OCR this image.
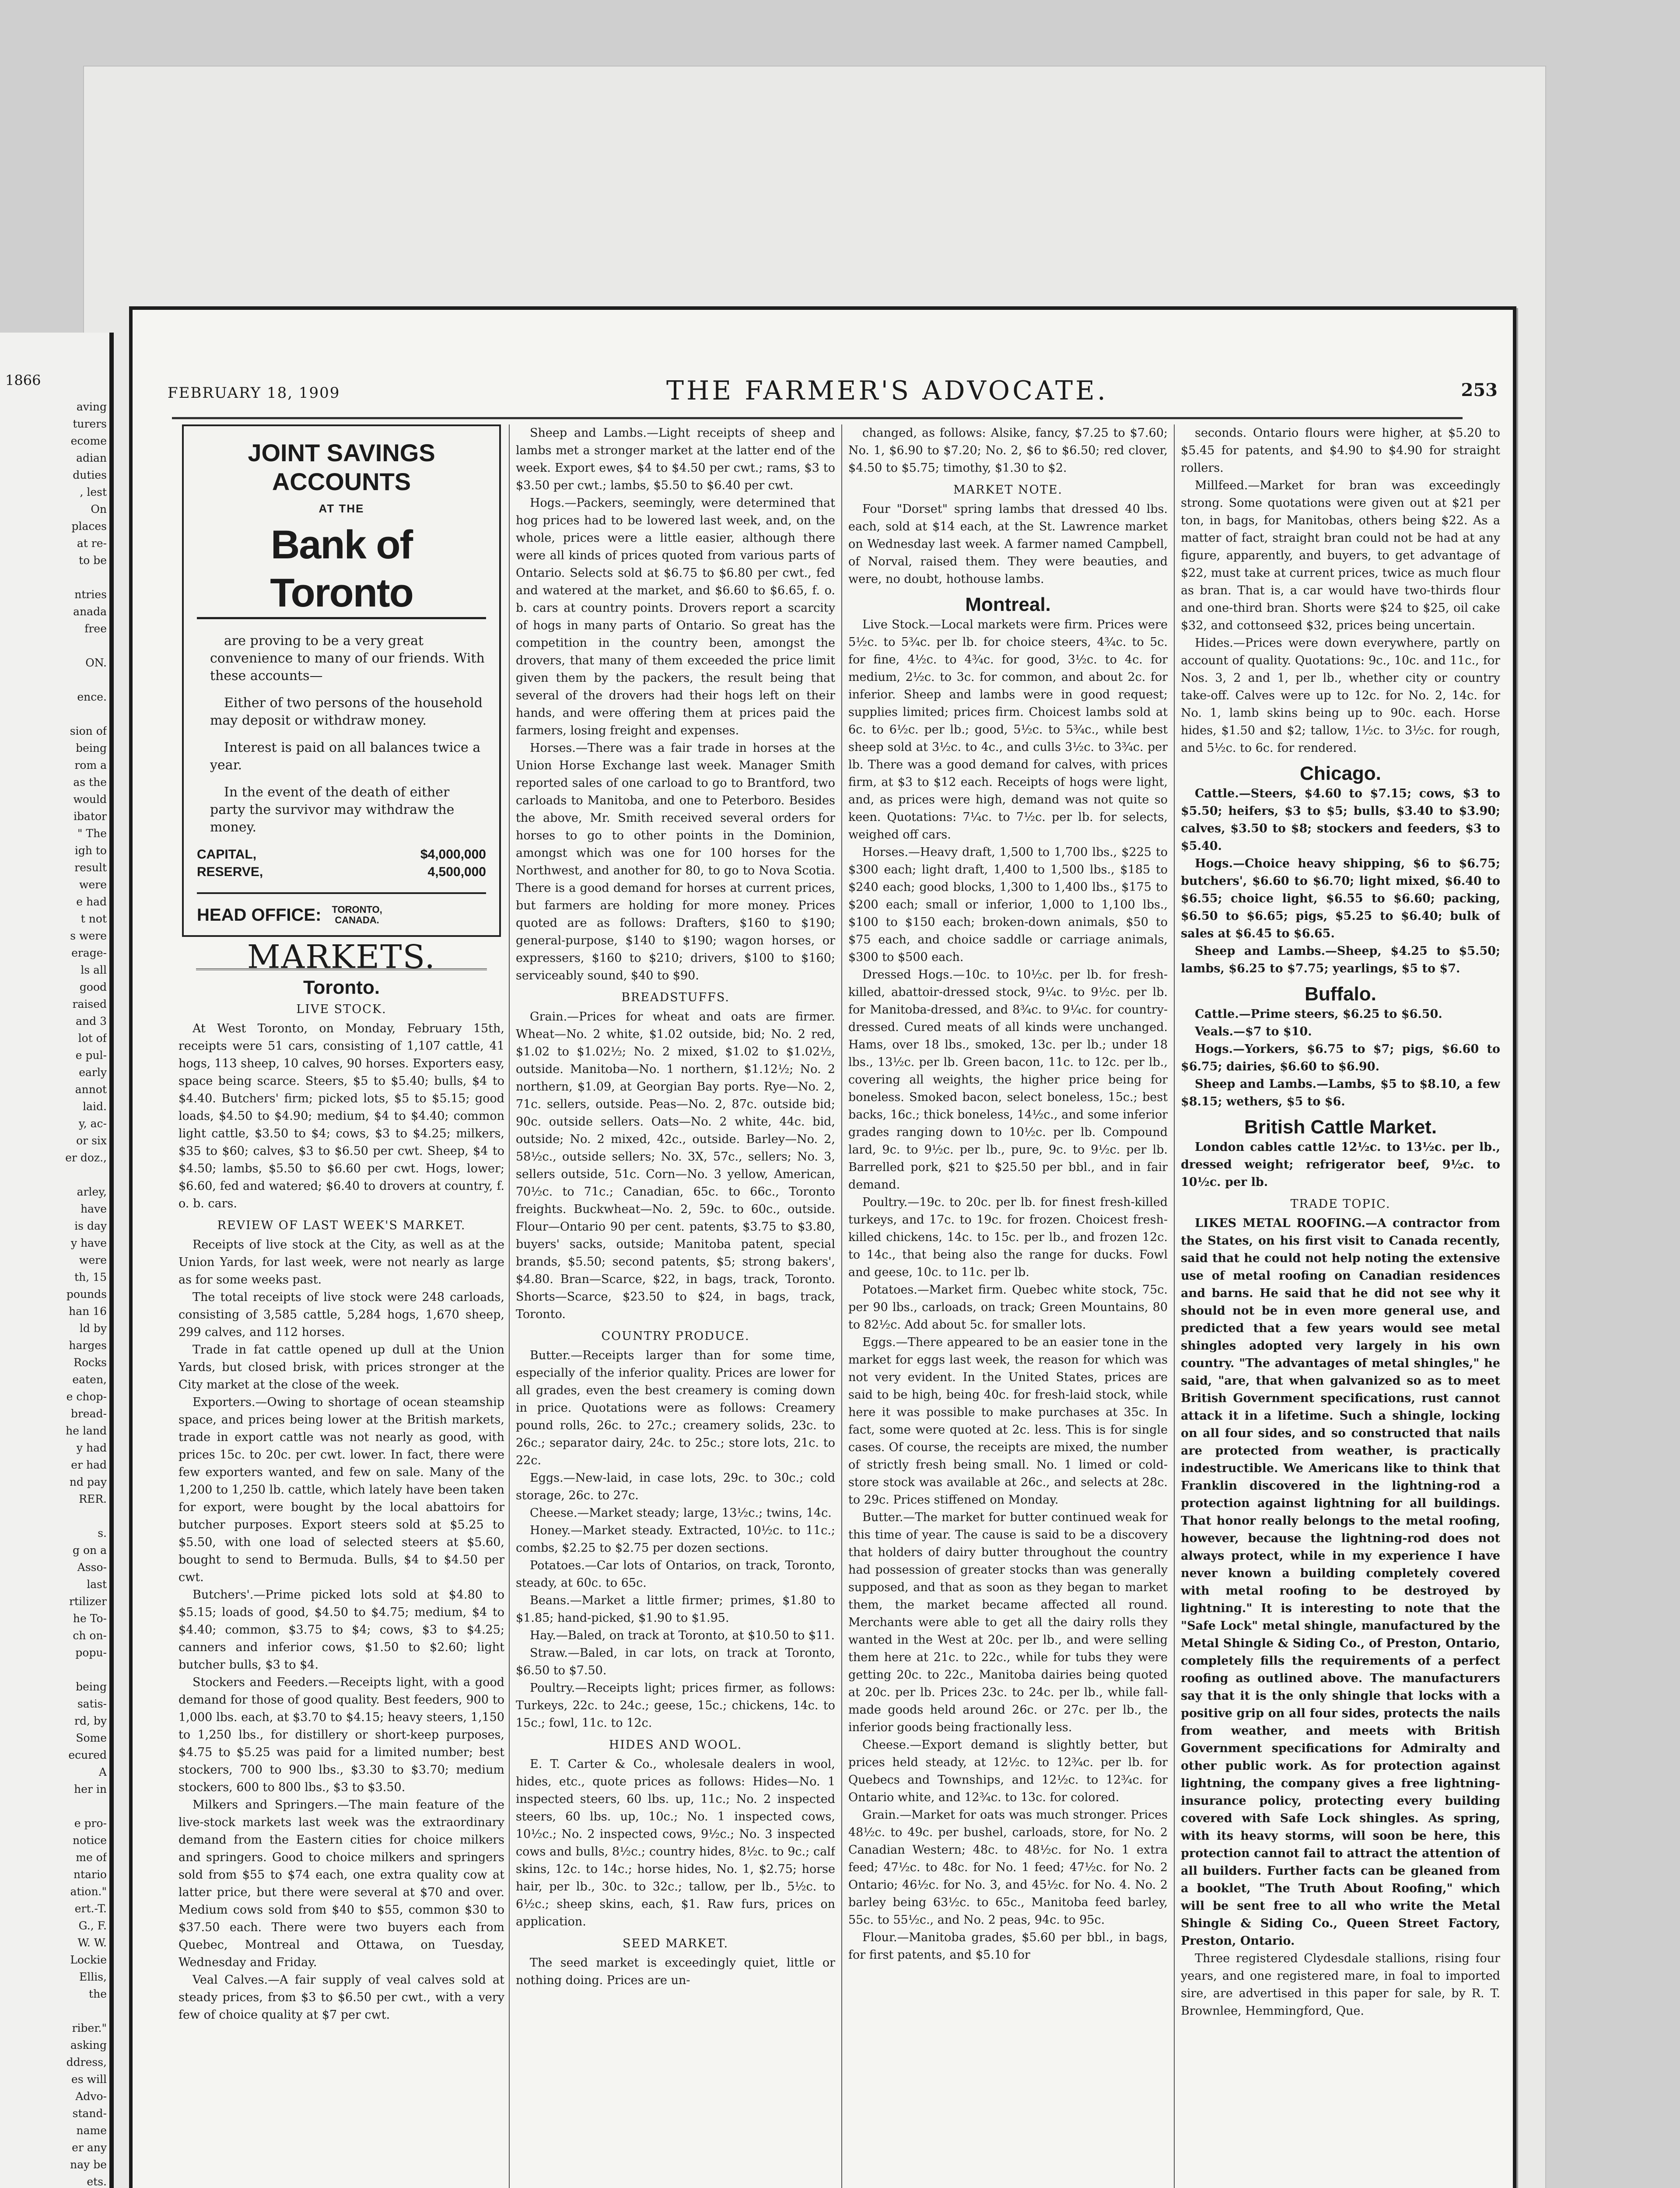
1866
aving
turers
ecome
adian
duties
, lest
On
places
at re-
to be

ntries
anada
free

ON.

ence.

sion of
being
rom a
as the
would
ibator
" The
igh to
result
were
e had
t not
s were
erage-
ls all
good
raised
and 3
lot of
e pul-
early
annot
laid.
y, ac-
or six
er doz.,

arley,
have
is day
y have
were
th, 15
pounds
han 16
ld by
harges
Rocks
eaten,
e chop-
bread-
he land
y had
er had
nd pay
RER.

s.
g on a
Asso-
last
rtilizer
he To-
ch on-
popu-

being
satis-
rd, by
Some
ecured
A
her in

e pro-
notice
me of
ntario
ation."
ert.-T.
G., F.
W. W.
Lockie
Ellis,
the

riber."
asking
ddress,
es will
Advo-
stand-
name
er any
nay be
ets.
FEBRUARY 18, 1909	THE FARMER'S ADVOCATE.	253
JOINT SAVINGS ACCOUNTS
AT THE
Bank of Toronto

are proving to be a very great convenience to many of our friends. With these accounts—

Either of two persons of the household may deposit or withdraw money.

Interest is paid on all balances twice a year.

In the event of the death of either party the survivor may withdraw the money.

CAPITAL,	$4,000,000
RESERVE,	4,500,000
HEAD OFFICE: TORONTO,
CANADA.
MARKETS.

Toronto.

LIVE STOCK.

At West Toronto, on Monday, February 15th, receipts were 51 cars, consisting of 1,107 cattle, 41 hogs, 113 sheep, 10 calves, 90 horses. Exporters easy, space being scarce. Steers, $5 to $5.40; bulls, $4 to $4.40. Butchers' firm; picked lots, $5 to $5.15; good loads, $4.50 to $4.90; medium, $4 to $4.40; common light cattle, $3.50 to $4; cows, $3 to $4.25; milkers, $35 to $60; calves, $3 to $6.50 per cwt. Sheep, $4 to $4.50; lambs, $5.50 to $6.60 per cwt. Hogs, lower; $6.60, fed and watered; $6.40 to drovers at country, f. o. b. cars.

REVIEW OF LAST WEEK'S MARKET.

Receipts of live stock at the City, as well as at the Union Yards, for last week, were not nearly as large as for some weeks past.

The total receipts of live stock were 248 carloads, consisting of 3,585 cattle, 5,284 hogs, 1,670 sheep, 299 calves, and 112 horses.

Trade in fat cattle opened up dull at the Union Yards, but closed brisk, with prices stronger at the City market at the close of the week.

Exporters.—Owing to shortage of ocean steamship space, and prices being lower at the British markets, trade in export cattle was not nearly as good, with prices 15c. to 20c. per cwt. lower. In fact, there were few exporters wanted, and few on sale. Many of the 1,200 to 1,250 lb. cattle, which lately have been taken for export, were bought by the local abattoirs for butcher purposes. Export steers sold at $5.25 to $5.50, with one load of selected steers at $5.60, bought to send to Bermuda. Bulls, $4 to $4.50 per cwt.

Butchers'.—Prime picked lots sold at $4.80 to $5.15; loads of good, $4.50 to $4.75; medium, $4 to $4.40; common, $3.75 to $4; cows, $3 to $4.25; canners and inferior cows, $1.50 to $2.60; light butcher bulls, $3 to $4.

Stockers and Feeders.—Receipts light, with a good demand for those of good quality. Best feeders, 900 to 1,000 lbs. each, at $3.70 to $4.15; heavy steers, 1,150 to 1,250 lbs., for distillery or short-keep purposes, $4.75 to $5.25 was paid for a limited number; best stockers, 700 to 900 lbs., $3.30 to $3.70; medium stockers, 600 to 800 lbs., $3 to $3.50.

Milkers and Springers.—The main feature of the live-stock markets last week was the extraordinary demand from the Eastern cities for choice milkers and springers. Good to choice milkers and springers sold from $55 to $74 each, one extra quality cow at latter price, but there were several at $70 and over. Medium cows sold from $40 to $55, common $30 to $37.50 each. There were two buyers each from Quebec, Montreal and Ottawa, on Tuesday, Wednesday and Friday.

Veal Calves.—A fair supply of veal calves sold at steady prices, from $3 to $6.50 per cwt., with a very few of choice quality at $7 per cwt.

Sheep and Lambs.—Light receipts of sheep and lambs met a stronger market at the latter end of the week. Export ewes, $4 to $4.50 per cwt.; rams, $3 to $3.50 per cwt.; lambs, $5.50 to $6.40 per cwt.

Hogs.—Packers, seemingly, were determined that hog prices had to be lowered last week, and, on the whole, prices were a little easier, although there were all kinds of prices quoted from various parts of Ontario. Selects sold at $6.75 to $6.80 per cwt., fed and watered at the market, and $6.60 to $6.65, f. o. b. cars at country points. Drovers report a scarcity of hogs in many parts of Ontario. So great has the competition in the country been, amongst the drovers, that many of them exceeded the price limit given them by the packers, the result being that several of the drovers had their hogs left on their hands, and were offering them at prices paid the farmers, losing freight and expenses.

Horses.—There was a fair trade in horses at the Union Horse Exchange last week. Manager Smith reported sales of one carload to go to Brantford, two carloads to Manitoba, and one to Peterboro. Besides the above, Mr. Smith received several orders for horses to go to other points in the Dominion, amongst which was one for 100 horses for the Northwest, and another for 80, to go to Nova Scotia. There is a good demand for horses at current prices, but farmers are holding for more money. Prices quoted are as follows: Drafters, $160 to $190; general-purpose, $140 to $190; wagon horses, or expressers, $160 to $210; drivers, $100 to $160; serviceably sound, $40 to $90.

BREADSTUFFS.

Grain.—Prices for wheat and oats are firmer. Wheat—No. 2 white, $1.02 outside, bid; No. 2 red, $1.02 to $1.02½; No. 2 mixed, $1.02 to $1.02½, outside. Manitoba—No. 1 northern, $1.12½; No. 2 northern, $1.09, at Georgian Bay ports. Rye—No. 2, 71c. sellers, outside. Peas—No. 2, 87c. outside bid; 90c. outside sellers. Oats—No. 2 white, 44c. bid, outside; No. 2 mixed, 42c., outside. Barley—No. 2, 58½c., outside sellers; No. 3X, 57c., sellers; No. 3, sellers outside, 51c. Corn—No. 3 yellow, American, 70½c. to 71c.; Canadian, 65c. to 66c., Toronto freights. Buckwheat—No. 2, 59c. to 60c., outside. Flour—Ontario 90 per cent. patents, $3.75 to $3.80, buyers' sacks, outside; Manitoba patent, special brands, $5.50; second patents, $5; strong bakers', $4.80. Bran—Scarce, $22, in bags, track, Toronto. Shorts—Scarce, $23.50 to $24, in bags, track, Toronto.

COUNTRY PRODUCE.

Butter.—Receipts larger than for some time, especially of the inferior quality. Prices are lower for all grades, even the best creamery is coming down in price. Quotations were as follows: Creamery pound rolls, 26c. to 27c.; creamery solids, 23c. to 26c.; separator dairy, 24c. to 25c.; store lots, 21c. to 22c.

Eggs.—New-laid, in case lots, 29c. to 30c.; cold storage, 26c. to 27c.

Cheese.—Market steady; large, 13½c.; twins, 14c.

Honey.—Market steady. Extracted, 10½c. to 11c.; combs, $2.25 to $2.75 per dozen sections.

Potatoes.—Car lots of Ontarios, on track, Toronto, steady, at 60c. to 65c.

Beans.—Market a little firmer; primes, $1.80 to $1.85; hand-picked, $1.90 to $1.95.

Hay.—Baled, on track at Toronto, at $10.50 to $11.

Straw.—Baled, in car lots, on track at Toronto, $6.50 to $7.50.

Poultry.—Receipts light; prices firmer, as follows: Turkeys, 22c. to 24c.; geese, 15c.; chickens, 14c. to 15c.; fowl, 11c. to 12c.

HIDES AND WOOL.

E. T. Carter & Co., wholesale dealers in wool, hides, etc., quote prices as follows: Hides—No. 1 inspected steers, 60 lbs. up, 11c.; No. 2 inspected steers, 60 lbs. up, 10c.; No. 1 inspected cows, 10½c.; No. 2 inspected cows, 9½c.; No. 3 inspected cows and bulls, 8½c.; country hides, 8½c. to 9c.; calf skins, 12c. to 14c.; horse hides, No. 1, $2.75; horse hair, per lb., 30c. to 32c.; tallow, per lb., 5½c. to 6½c.; sheep skins, each, $1. Raw furs, prices on application.

SEED MARKET.

The seed market is exceedingly quiet, little or nothing doing. Prices are un-

changed, as follows: Alsike, fancy, $7.25 to $7.60; No. 1, $6.90 to $7.20; No. 2, $6 to $6.50; red clover, $4.50 to $5.75; timothy, $1.30 to $2.

MARKET NOTE.

Four "Dorset" spring lambs that dressed 40 lbs. each, sold at $14 each, at the St. Lawrence market on Wednesday last week. A farmer named Campbell, of Norval, raised them. They were beauties, and were, no doubt, hothouse lambs.

Montreal.

Live Stock.—Local markets were firm. Prices were 5½c. to 5¾c. per lb. for choice steers, 4¾c. to 5c. for fine, 4½c. to 4¾c. for good, 3½c. to 4c. for medium, 2½c. to 3c. for common, and about 2c. for inferior. Sheep and lambs were in good request; supplies limited; prices firm. Choicest lambs sold at 6c. to 6½c. per lb.; good, 5½c. to 5¾c., while best sheep sold at 3½c. to 4c., and culls 3½c. to 3¾c. per lb. There was a good demand for calves, with prices firm, at $3 to $12 each. Receipts of hogs were light, and, as prices were high, demand was not quite so keen. Quotations: 7¼c. to 7½c. per lb. for selects, weighed off cars.

Horses.—Heavy draft, 1,500 to 1,700 lbs., $225 to $300 each; light draft, 1,400 to 1,500 lbs., $185 to $240 each; good blocks, 1,300 to 1,400 lbs., $175 to $200 each; small or inferior, 1,000 to 1,100 lbs., $100 to $150 each; broken-down animals, $50 to $75 each, and choice saddle or carriage animals, $300 to $500 each.

Dressed Hogs.—10c. to 10½c. per lb. for fresh-killed, abattoir-dressed stock, 9¼c. to 9½c. per lb. for Manitoba-dressed, and 8¾c. to 9¼c. for country-dressed. Cured meats of all kinds were unchanged. Hams, over 18 lbs., smoked, 13c. per lb.; under 18 lbs., 13½c. per lb. Green bacon, 11c. to 12c. per lb., covering all weights, the higher price being for boneless. Smoked bacon, select boneless, 15c.; best backs, 16c.; thick boneless, 14½c., and some inferior grades ranging down to 10½c. per lb. Compound lard, 9c. to 9½c. per lb., pure, 9c. to 9½c. per lb. Barrelled pork, $21 to $25.50 per bbl., and in fair demand.

Poultry.—19c. to 20c. per lb. for finest fresh-killed turkeys, and 17c. to 19c. for frozen. Choicest fresh-killed chickens, 14c. to 15c. per lb., and frozen 12c. to 14c., that being also the range for ducks. Fowl and geese, 10c. to 11c. per lb.

Potatoes.—Market firm. Quebec white stock, 75c. per 90 lbs., carloads, on track; Green Mountains, 80 to 82½c. Add about 5c. for smaller lots.

Eggs.—There appeared to be an easier tone in the market for eggs last week, the reason for which was not very evident. In the United States, prices are said to be high, being 40c. for fresh-laid stock, while here it was possible to make purchases at 35c. In fact, some were quoted at 2c. less. This is for single cases. Of course, the receipts are mixed, the number of strictly fresh being small. No. 1 limed or cold-store stock was available at 26c., and selects at 28c. to 29c. Prices stiffened on Monday.

Butter.—The market for butter continued weak for this time of year. The cause is said to be a discovery that holders of dairy butter throughout the country had possession of greater stocks than was generally supposed, and that as soon as they began to market them, the market became affected all round. Merchants were able to get all the dairy rolls they wanted in the West at 20c. per lb., and were selling them here at 21c. to 22c., while for tubs they were getting 20c. to 22c., Manitoba dairies being quoted at 20c. per lb. Prices 23c. to 24c. per lb., while fall-made goods held around 26c. or 27c. per lb., the inferior goods being fractionally less.

Cheese.—Export demand is slightly better, but prices held steady, at 12½c. to 12¾c. per lb. for Quebecs and Townships, and 12½c. to 12¾c. for Ontario white, and 12¾c. to 13c. for colored.

Grain.—Market for oats was much stronger. Prices 48½c. to 49c. per bushel, carloads, store, for No. 2 Canadian Western; 48c. to 48½c. for No. 1 extra feed; 47½c. to 48c. for No. 1 feed; 47½c. for No. 2 Ontario; 46½c. for No. 3, and 45½c. for No. 4. No. 2 barley being 63½c. to 65c., Manitoba feed barley, 55c. to 55½c., and No. 2 peas, 94c. to 95c.

Flour.—Manitoba grades, $5.60 per bbl., in bags, for first patents, and $5.10 for

seconds. Ontario flours were higher, at $5.20 to $5.45 for patents, and $4.90 to $4.90 for straight rollers.

Millfeed.—Market for bran was exceedingly strong. Some quotations were given out at $21 per ton, in bags, for Manitobas, others being $22. As a matter of fact, straight bran could not be had at any figure, apparently, and buyers, to get advantage of $22, must take at current prices, twice as much flour as bran. That is, a car would have two-thirds flour and one-third bran. Shorts were $24 to $25, oil cake $32, and cottonseed $32, prices being uncertain.

Hides.—Prices were down everywhere, partly on account of quality. Quotations: 9c., 10c. and 11c., for Nos. 3, 2 and 1, per lb., whether city or country take-off. Calves were up to 12c. for No. 2, 14c. for No. 1, lamb skins being up to 90c. each. Horse hides, $1.50 and $2; tallow, 1½c. to 3½c. for rough, and 5½c. to 6c. for rendered.

Chicago.

Cattle.—Steers, $4.60 to $7.15; cows, $3 to $5.50; heifers, $3 to $5; bulls, $3.40 to $3.90; calves, $3.50 to $8; stockers and feeders, $3 to $5.40.

Hogs.—Choice heavy shipping, $6 to $6.75; butchers', $6.60 to $6.70; light mixed, $6.40 to $6.55; choice light, $6.55 to $6.60; packing, $6.50 to $6.65; pigs, $5.25 to $6.40; bulk of sales at $6.45 to $6.65.

Sheep and Lambs.—Sheep, $4.25 to $5.50; lambs, $6.25 to $7.75; yearlings, $5 to $7.

Buffalo.

Cattle.—Prime steers, $6.25 to $6.50.

Veals.—$7 to $10.

Hogs.—Yorkers, $6.75 to $7; pigs, $6.60 to $6.75; dairies, $6.60 to $6.90.

Sheep and Lambs.—Lambs, $5 to $8.10, a few $8.15; wethers, $5 to $6.

British Cattle Market.

London cables cattle 12½c. to 13½c. per lb., dressed weight; refrigerator beef, 9½c. to 10½c. per lb.

TRADE TOPIC.

LIKES METAL ROOFING.—A contractor from the States, on his first visit to Canada recently, said that he could not help noting the extensive use of metal roofing on Canadian residences and barns. He said that he did not see why it should not be in even more general use, and predicted that a few years would see metal shingles adopted very largely in his own country. "The advantages of metal shingles," he said, "are, that when galvanized so as to meet British Government specifications, rust cannot attack it in a lifetime. Such a shingle, locking on all four sides, and so constructed that nails are protected from weather, is practically indestructible. We Americans like to think that Franklin discovered in the lightning-rod a protection against lightning for all buildings. That honor really belongs to the metal roofing, however, because the lightning-rod does not always protect, while in my experience I have never known a building completely covered with metal roofing to be destroyed by lightning." It is interesting to note that the "Safe Lock" metal shingle, manufactured by the Metal Shingle & Siding Co., of Preston, Ontario, completely fills the requirements of a perfect roofing as outlined above. The manufacturers say that it is the only shingle that locks with a positive grip on all four sides, protects the nails from weather, and meets with British Government specifications for Admiralty and other public work. As for protection against lightning, the company gives a free lightning-insurance policy, protecting every building covered with Safe Lock shingles. As spring, with its heavy storms, will soon be here, this protection cannot fail to attract the attention of all builders. Further facts can be gleaned from a booklet, "The Truth About Roofing," which will be sent free to all who write the Metal Shingle & Siding Co., Queen Street Factory, Preston, Ontario.

Three registered Clydesdale stallions, rising four years, and one registered mare, in foal to imported sire, are advertised in this paper for sale, by R. T. Brownlee, Hemmingford, Que.
